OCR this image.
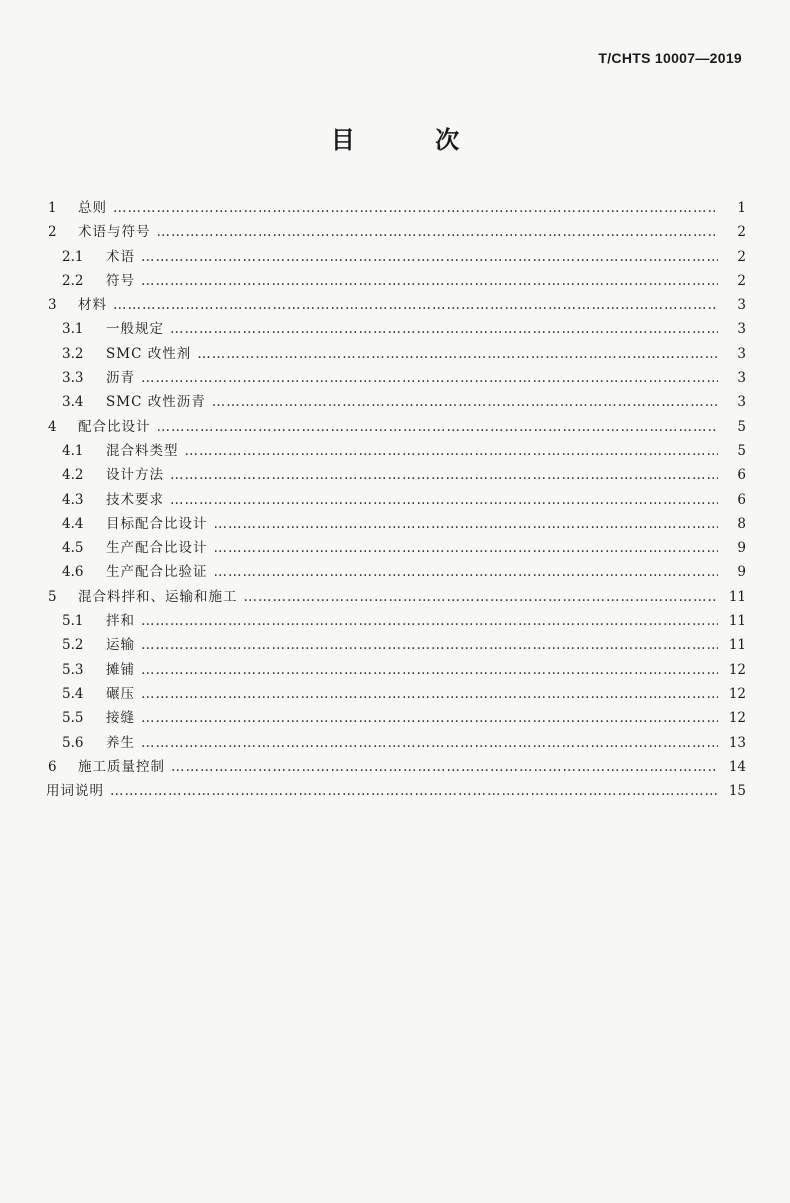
T/CHTS 10007—2019
目 次
1	总则 …………………………………………………………………………………………………………………………………………………………………………………………………………………………	1
2	术语与符号 …………………………………………………………………………………………………………………………………………………………………………………………………………………………	2
2.1	术语 …………………………………………………………………………………………………………………………………………………………………………………………………………………………	2
2.2	符号 …………………………………………………………………………………………………………………………………………………………………………………………………………………………	2
3	材料 …………………………………………………………………………………………………………………………………………………………………………………………………………………………	3
3.1	一般规定 …………………………………………………………………………………………………………………………………………………………………………………………………………………………	3
3.2	SMC 改性剂 …………………………………………………………………………………………………………………………………………………………………………………………………………………………	3
3.3	沥青 …………………………………………………………………………………………………………………………………………………………………………………………………………………………	3
3.4	SMC 改性沥青 …………………………………………………………………………………………………………………………………………………………………………………………………………………………	3
4	配合比设计 …………………………………………………………………………………………………………………………………………………………………………………………………………………………	5
4.1	混合料类型 …………………………………………………………………………………………………………………………………………………………………………………………………………………………	5
4.2	设计方法 …………………………………………………………………………………………………………………………………………………………………………………………………………………………	6
4.3	技术要求 …………………………………………………………………………………………………………………………………………………………………………………………………………………………	6
4.4	目标配合比设计 …………………………………………………………………………………………………………………………………………………………………………………………………………………………	8
4.5	生产配合比设计 …………………………………………………………………………………………………………………………………………………………………………………………………………………………	9
4.6	生产配合比验证 …………………………………………………………………………………………………………………………………………………………………………………………………………………………	9
5	混合料拌和、运输和施工 …………………………………………………………………………………………………………………………………………………………………………………………………………………………	11
5.1	拌和 …………………………………………………………………………………………………………………………………………………………………………………………………………………………	11
5.2	运输 …………………………………………………………………………………………………………………………………………………………………………………………………………………………	11
5.3	摊铺 …………………………………………………………………………………………………………………………………………………………………………………………………………………………	12
5.4	碾压 …………………………………………………………………………………………………………………………………………………………………………………………………………………………	12
5.5	接缝 …………………………………………………………………………………………………………………………………………………………………………………………………………………………	12
5.6	养生 …………………………………………………………………………………………………………………………………………………………………………………………………………………………	13
6	施工质量控制 …………………………………………………………………………………………………………………………………………………………………………………………………………………………	14
用词说明 …………………………………………………………………………………………………………………………………………………………………………………………………………………………	15
